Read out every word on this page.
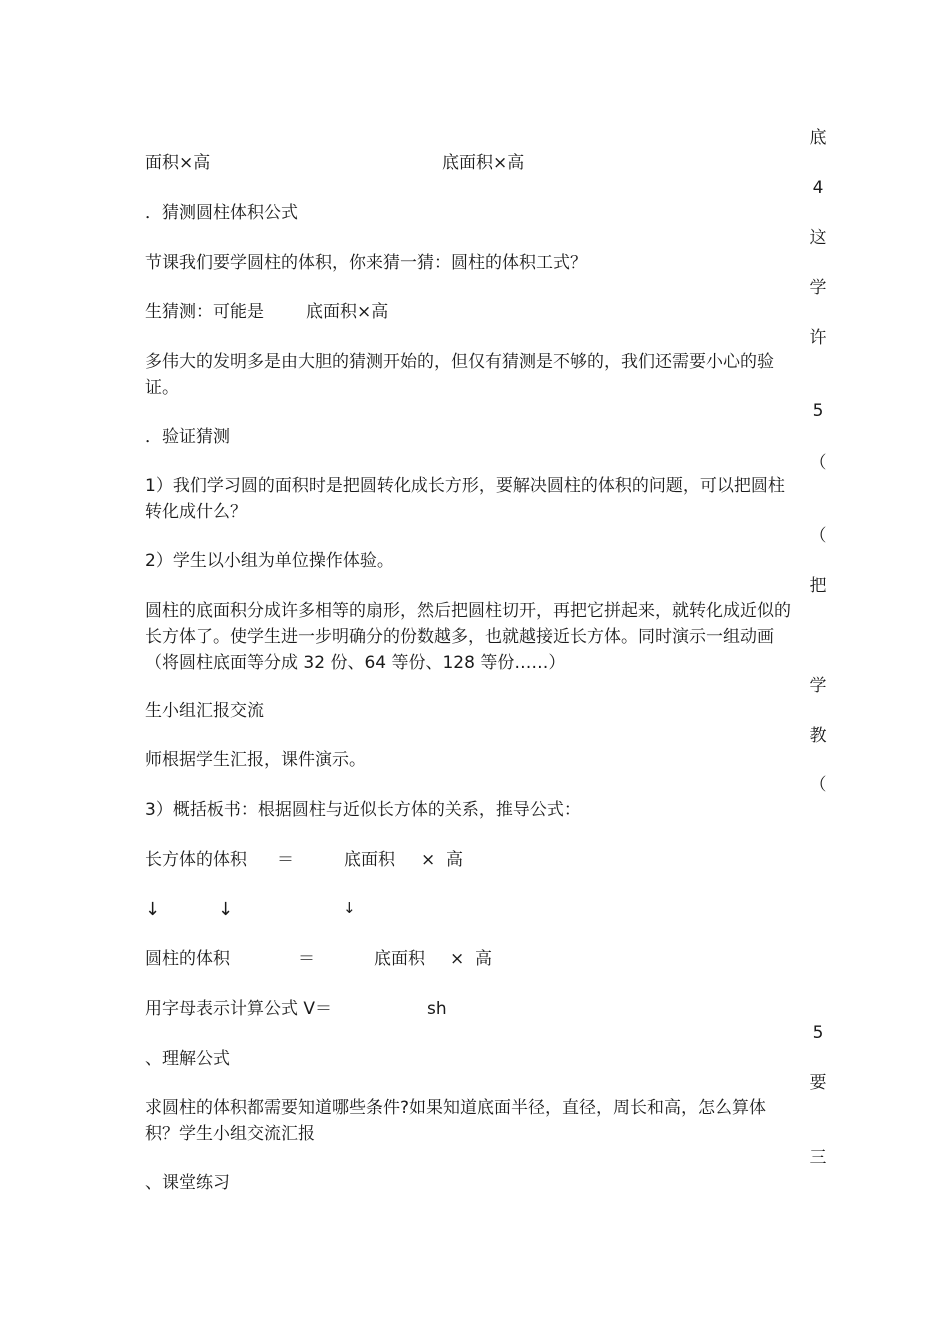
面积×高	底面积×高

．猜测圆柱体积公式

节课我们要学圆柱的体积，你来猜一猜：圆柱的体积工式？

生猜测：可能是 底面积×高

多伟大的发明多是由大胆的猜测开始的，但仅有猜测是不够的，我们还需要小心的验证。

．验证猜测

1）我们学习圆的面积时是把圆转化成长方形，要解决圆柱的体积的问题，可以把圆柱转化成什么？

2）学生以小组为单位操作体验。

圆柱的底面积分成许多相等的扇形，然后把圆柱切开，再把它拼起来，就转化成近似的长方体了。使学生进一步明确分的份数越多，也就越接近长方体。同时演示一组动画（将圆柱底面等分成 32 份、64 等份、128 等份……）

生小组汇报交流

师根据学生汇报，课件演示。

3）概括板书：根据圆柱与近似长方体的关系，推导公式：

长方体的体积 ＝	底面积 × 高
↓	↓	↓
圆柱的体积	＝	底面积 × 高
用字母表示计算公式 V＝	sh

、理解公式

求圆柱的体积都需要知道哪些条件?如果知道底面半径，直径，周长和高，怎么算体积？学生小组交流汇报

、课堂练习

底
4
这
学
许
5
（
（
把
学
教
（
5
要
三
